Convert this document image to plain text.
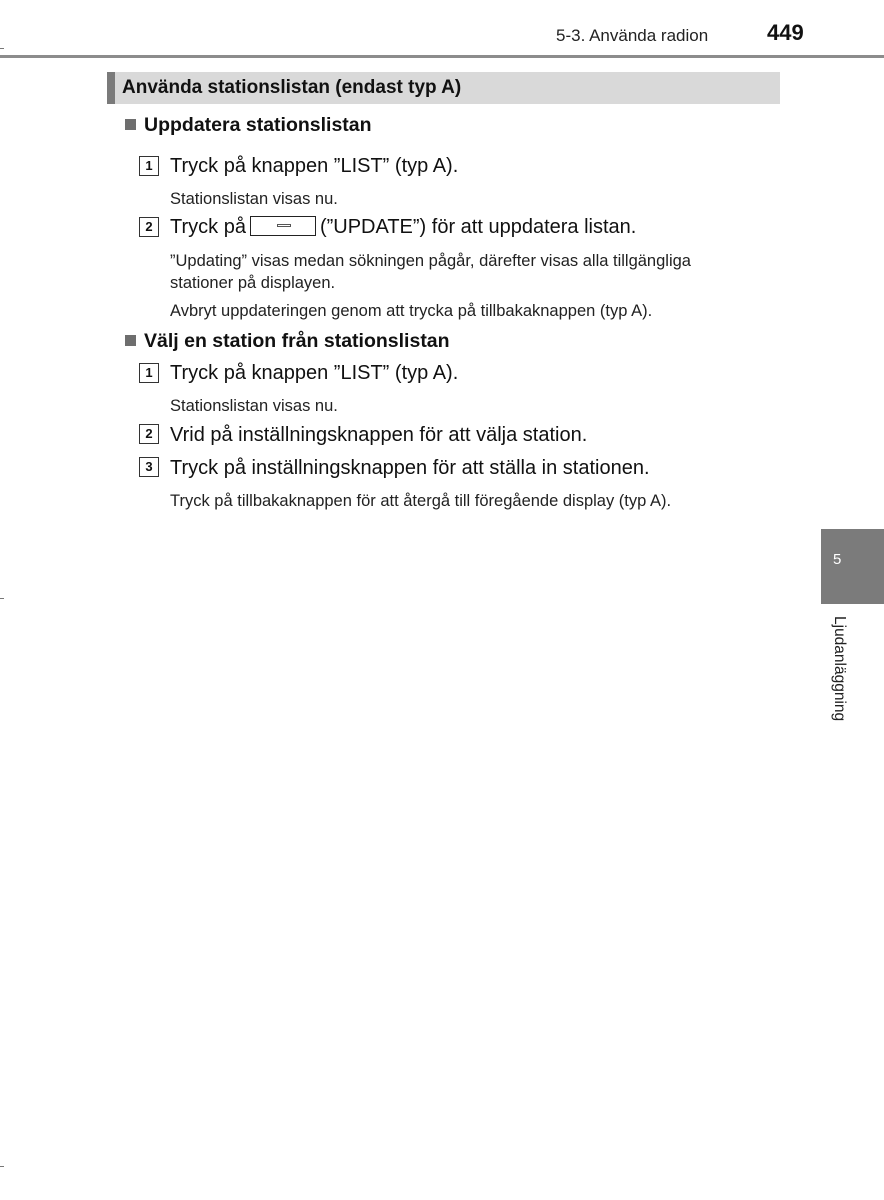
5-3. Använda radion	449
Använda stationslistan (endast typ A)
Uppdatera stationslistan
1 Tryck på knappen ”LIST” (typ A).
Stationslistan visas nu.
2 Tryck på	(”UPDATE”) för att uppdatera listan.
”Updating” visas medan sökningen pågår, därefter visas alla tillgängliga
stationer på displayen.
Avbryt uppdateringen genom att trycka på tillbakaknappen (typ A).
Välj en station från stationslistan
1 Tryck på knappen ”LIST” (typ A).
Stationslistan visas nu.
2 Vrid på inställningsknappen för att välja station.
3 Tryck på inställningsknappen för att ställa in stationen.
Tryck på tillbakaknappen för att återgå till föregående display (typ A).
5
Ljudanläggning
